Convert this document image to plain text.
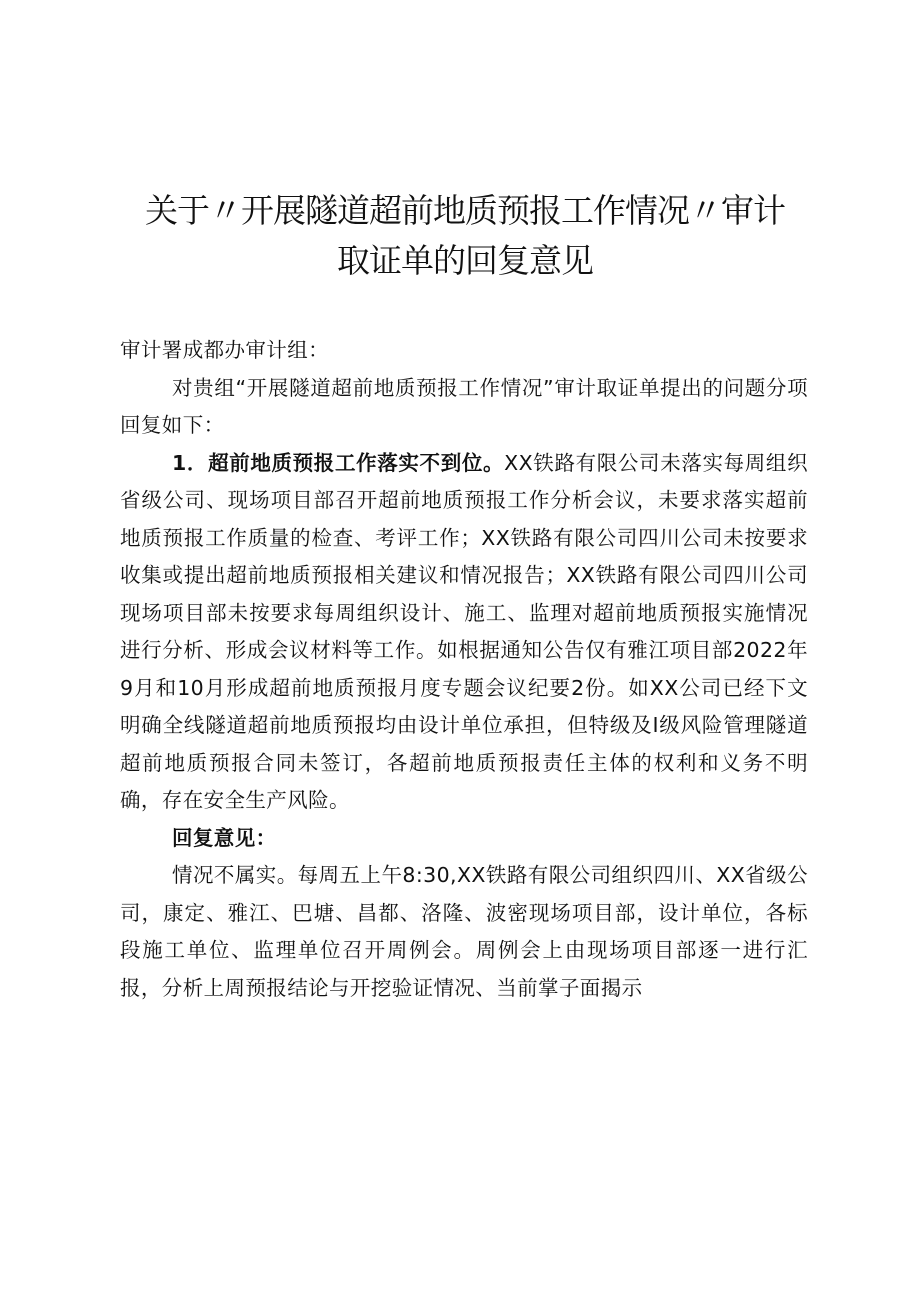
关于〃开展隧道超前地质预报工作情况〃审计
取证单的回复意见

审计署成都办审计组：

对贵组“开展隧道超前地质预报工作情况”审计取证单提出的问题分项回复如下：

1．超前地质预报工作落实不到位。XX铁路有限公司未落实每周组织省级公司、现场项目部召开超前地质预报工作分析会议，未要求落实超前地质预报工作质量的检查、考评工作；XX铁路有限公司四川公司未按要求收集或提出超前地质预报相关建议和情况报告；XX铁路有限公司四川公司现场项目部未按要求每周组织设计、施工、监理对超前地质预报实施情况进行分析、形成会议材料等工作。如根据通知公告仅有雅江项目部2022年9月和10月形成超前地质预报月度专题会议纪要2份。如XX公司已经下文明确全线隧道超前地质预报均由设计单位承担，但特级及I级风险管理隧道超前地质预报合同未签订，各超前地质预报责任主体的权利和义务不明确，存在安全生产风险。

回复意见：

情况不属实。每周五上午8:30,XX铁路有限公司组织四川、XX省级公司，康定、雅江、巴塘、昌都、洛隆、波密现场项目部，设计单位，各标段施工单位、监理单位召开周例会。周例会上由现场项目部逐一进行汇报，分析上周预报结论与开挖验证情况、当前掌子面揭示
